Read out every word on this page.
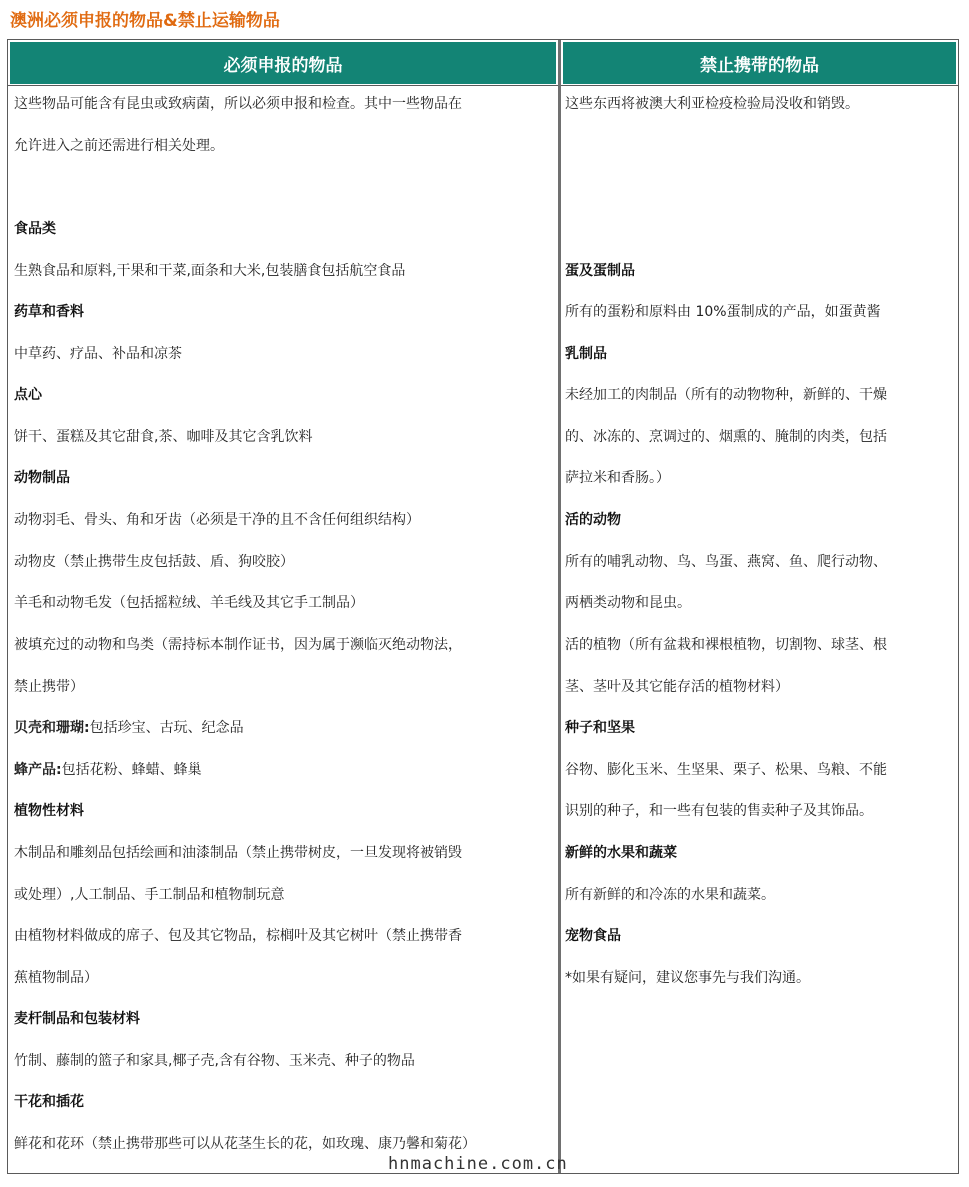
澳洲必须申报的物品&禁止运输物品
必须申报的物品	禁止携带的物品
这些物品可能含有昆虫或致病菌，所以必须申报和检查。其中一些物品在
允许进入之前还需进行相关处理。
食品类
生熟食品和原料,干果和干菜,面条和大米,包装膳食包括航空食品
药草和香料
中草药、疗品、补品和凉茶
点心
饼干、蛋糕及其它甜食,茶、咖啡及其它含乳饮料
动物制品
动物羽毛、骨头、角和牙齿（必须是干净的且不含任何组织结构）
动物皮（禁止携带生皮包括鼓、盾、狗咬胶）
羊毛和动物毛发（包括摇粒绒、羊毛线及其它手工制品）
被填充过的动物和鸟类（需持标本制作证书，因为属于濒临灭绝动物法，
禁止携带）
贝壳和珊瑚:包括珍宝、古玩、纪念品
蜂产品:包括花粉、蜂蜡、蜂巢
植物性材料
木制品和雕刻品包括绘画和油漆制品（禁止携带树皮，一旦发现将被销毁
或处理）,人工制品、手工制品和植物制玩意
由植物材料做成的席子、包及其它物品，棕榈叶及其它树叶（禁止携带香
蕉植物制品）
麦杆制品和包装材料
竹制、藤制的篮子和家具,椰子壳,含有谷物、玉米壳、种子的物品
干花和插花
鲜花和花环（禁止携带那些可以从花茎生长的花，如玫瑰、康乃馨和菊花）
这些东西将被澳大利亚检疫检验局没收和销毁。
蛋及蛋制品
所有的蛋粉和原料由 10%蛋制成的产品，如蛋黄酱
乳制品
未经加工的肉制品（所有的动物物种，新鲜的、干燥
的、冰冻的、烹调过的、烟熏的、腌制的肉类，包括
萨拉米和香肠。）
活的动物
所有的哺乳动物、鸟、鸟蛋、燕窝、鱼、爬行动物、
两栖类动物和昆虫。
活的植物（所有盆栽和裸根植物，切割物、球茎、根
茎、茎叶及其它能存活的植物材料）
种子和坚果
谷物、膨化玉米、生坚果、栗子、松果、鸟粮、不能
识别的种子，和一些有包装的售卖种子及其饰品。
新鲜的水果和蔬菜
所有新鲜的和冷冻的水果和蔬菜。
宠物食品
*如果有疑问，建议您事先与我们沟通。
hnmachine.com.cn
